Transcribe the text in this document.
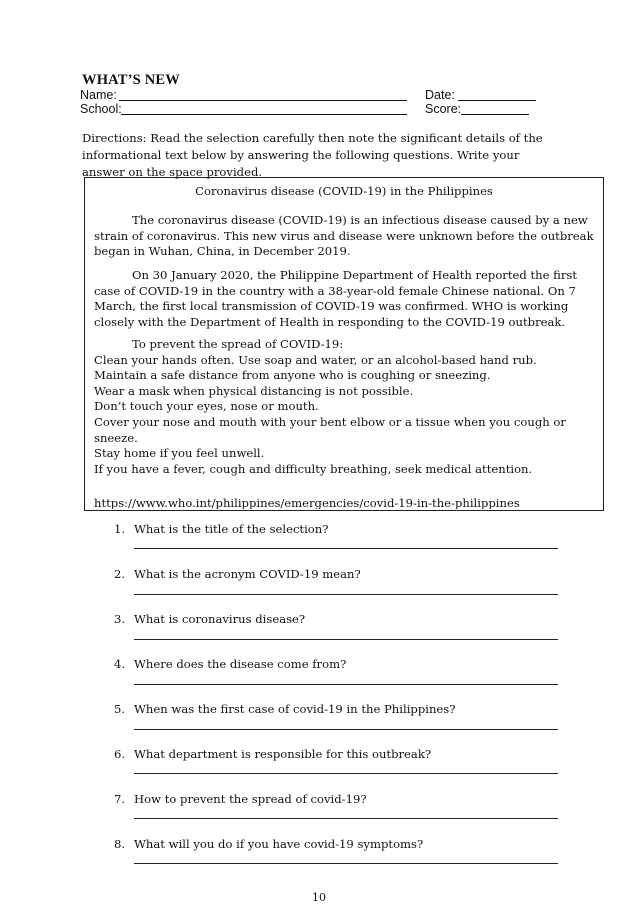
WHAT’S NEW
Name:	Date:
School:	Score:
Directions: Read the selection carefully then note the significant details of the informational text below by answering the following questions. Write your answer on the space provided.
Coronavirus disease (COVID-19) in the Philippines

The coronavirus disease (COVID-19) is an infectious disease caused by a new strain of coronavirus. This new virus and disease were unknown before the outbreak began in Wuhan, China, in December 2019.

On 30 January 2020, the Philippine Department of Health reported the first case of COVID-19 in the country with a 38-year-old female Chinese national. On 7 March, the first local transmission of COVID-19 was confirmed. WHO is working closely with the Department of Health in responding to the COVID-19 outbreak.

To prevent the spread of COVID-19:

Clean your hands often. Use soap and water, or an alcohol-based hand rub.
Maintain a safe distance from anyone who is coughing or sneezing.
Wear a mask when physical distancing is not possible.
Don’t touch your eyes, nose or mouth.
Cover your nose and mouth with your bent elbow or a tissue when you cough or sneeze.
Stay home if you feel unwell.
If you have a fever, cough and difficulty breathing, seek medical attention.
https://www.who.int/philippines/emergencies/covid-19-in-the-philippines
1. What is the title of the selection?
2. What is the acronym COVID-19 mean?
3. What is coronavirus disease?
4. Where does the disease come from?
5. When was the first case of covid-19 in the Philippines?
6. What department is responsible for this outbreak?
7. How to prevent the spread of covid-19?
8. What will you do if you have covid-19 symptoms?
10
